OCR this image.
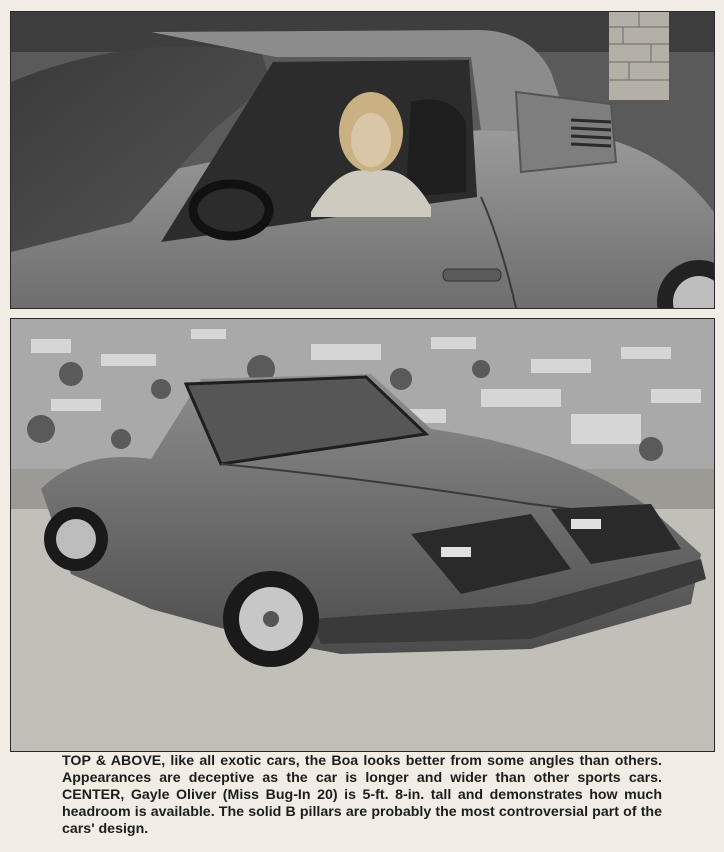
TOP & ABOVE, like all exotic cars, the Boa looks better from some angles than others. Appearances are deceptive as the car is longer and wider than other sports cars. CENTER, Gayle Oliver (Miss Bug-In 20) is 5-ft. 8-in. tall and demonstrates how much headroom is available. The solid B pillars are probably the most controversial part of the cars' design.
